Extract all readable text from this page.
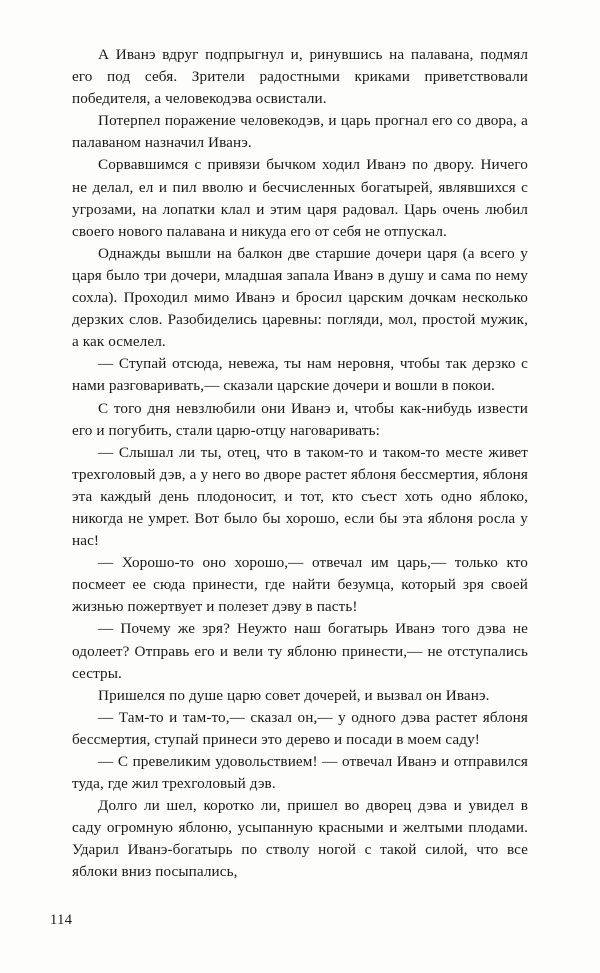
А Иванэ вдруг подпрыгнул и, ринувшись на палавана, подмял его под себя. Зрители радостными криками приветствовали победителя, а человекодэва освистали.

Потерпел поражение человекодэв, и царь прогнал его со двора, а палаваном назначил Иванэ.

Сорвавшимся с привязи бычком ходил Иванэ по двору. Ничего не делал, ел и пил вволю и бесчисленных богатырей, являвшихся с угрозами, на лопатки клал и этим царя радовал. Царь очень любил своего нового палавана и никуда его от себя не отпускал.

Однажды вышли на балкон две старшие дочери царя (а всего у царя было три дочери, младшая запала Иванэ в душу и сама по нему сохла). Проходил мимо Иванэ и бросил царским дочкам несколько дерзких слов. Разобиделись царевны: погляди, мол, простой мужик, а как осмелел.

— Ступай отсюда, невежа, ты нам неровня, чтобы так дерзко с нами разговаривать,— сказали царские дочери и вошли в покои.

С того дня невзлюбили они Иванэ и, чтобы как-нибудь извести его и погубить, стали царю-отцу наговаривать:

— Слышал ли ты, отец, что в таком-то и таком-то месте живет трехголовый дэв, а у него во дворе растет яблоня бессмертия, яблоня эта каждый день плодоносит, и тот, кто съест хоть одно яблоко, никогда не умрет. Вот было бы хорошо, если бы эта яблоня росла у нас!

— Хорошо-то оно хорошо,— отвечал им царь,— только кто посмеет ее сюда принести, где найти безумца, который зря своей жизнью пожертвует и полезет дэву в пасть!

— Почему же зря? Неужто наш богатырь Иванэ того дэва не одолеет? Отправь его и вели ту яблоню принести,— не отступались сестры.

Пришелся по душе царю совет дочерей, и вызвал он Иванэ.

— Там-то и там-то,— сказал он,— у одного дэва растет яблоня бессмертия, ступай принеси это дерево и посади в моем саду!

— С превеликим удовольствием! — отвечал Иванэ и отправился туда, где жил трехголовый дэв.

Долго ли шел, коротко ли, пришел во дворец дэва и увидел в саду огромную яблоню, усыпанную красными и желтыми плодами. Ударил Иванэ-богатырь по стволу ногой с такой силой, что все яблоки вниз посыпались,

114
